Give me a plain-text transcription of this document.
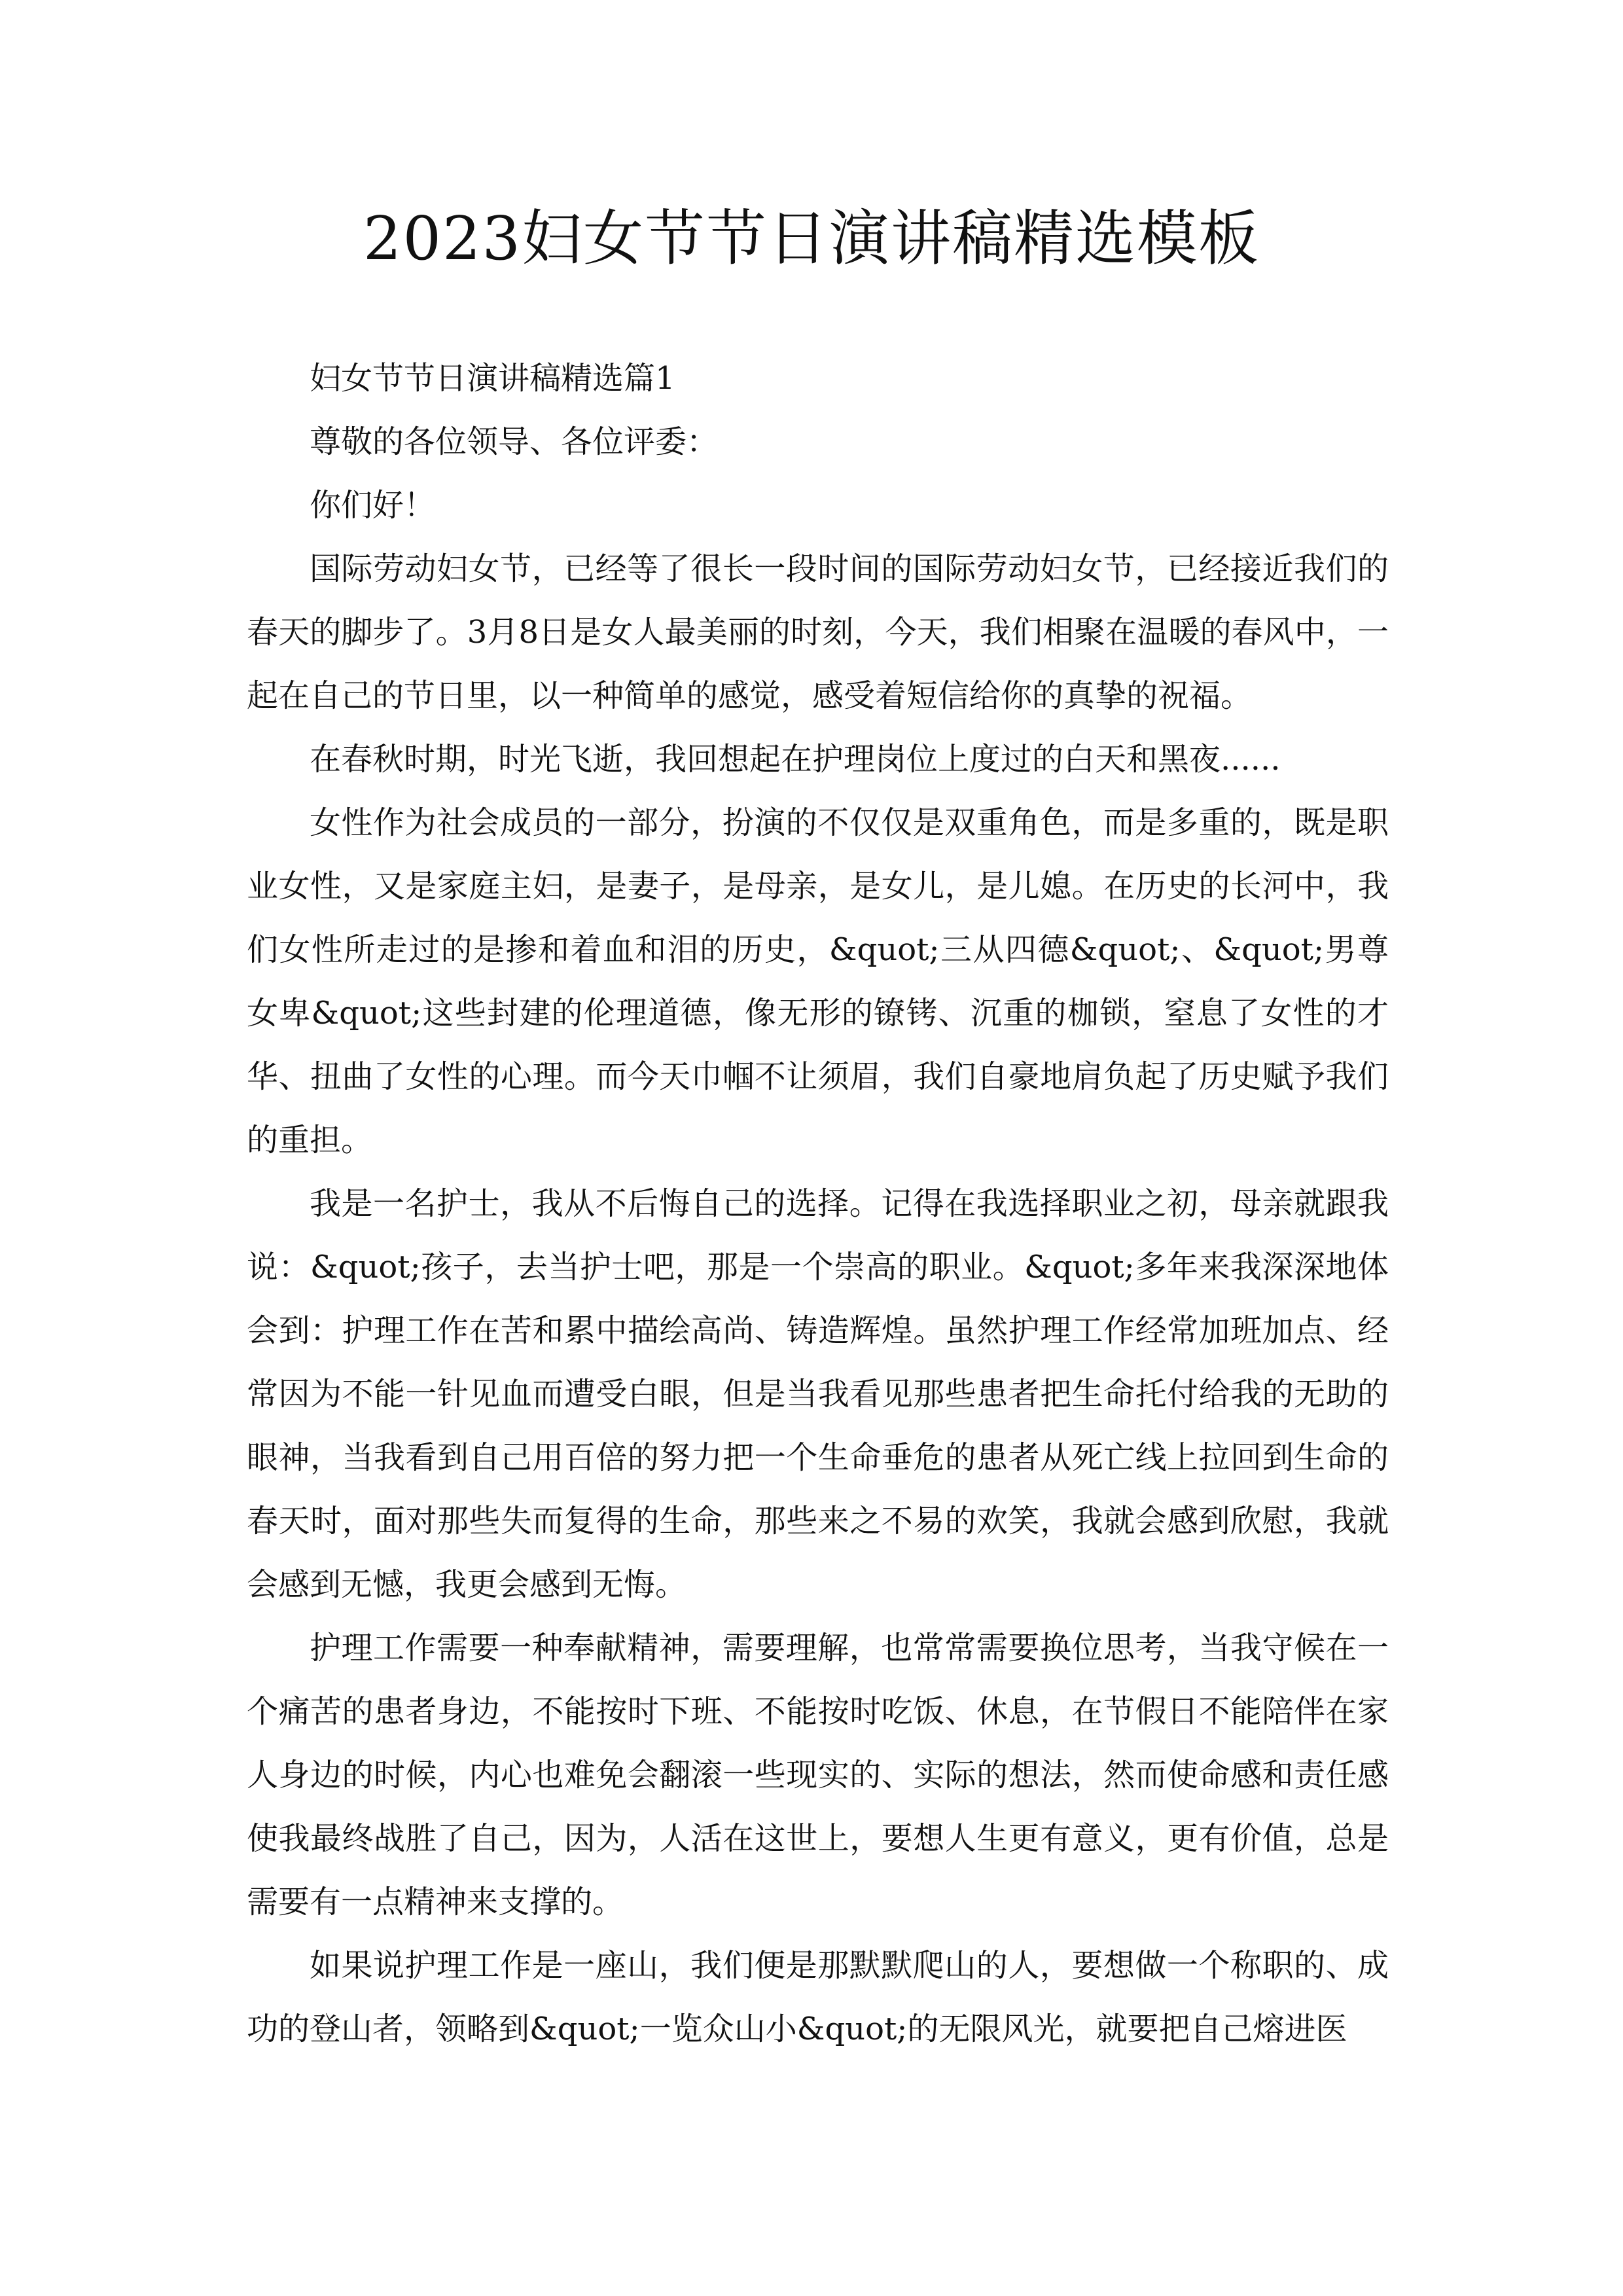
2023妇女节节日演讲稿精选模板

妇女节节日演讲稿精选篇1

尊敬的各位领导、各位评委：

你们好！

国际劳动妇女节，已经等了很长一段时间的国际劳动妇女节，已经接近我们的春天的脚步了。3月8日是女人最美丽的时刻，今天，我们相聚在温暖的春风中，一起在自己的节日里，以一种简单的感觉，感受着短信给你的真挚的祝福。

在春秋时期，时光飞逝，我回想起在护理岗位上度过的白天和黑夜......

女性作为社会成员的一部分，扮演的不仅仅是双重角色，而是多重的，既是职业女性，又是家庭主妇，是妻子，是母亲，是女儿，是儿媳。在历史的长河中，我们女性所走过的是掺和着血和泪的历史，&quot;三从四德&quot;、&quot;男尊女卑&quot;这些封建的伦理道德，像无形的镣铐、沉重的枷锁，窒息了女性的才华、扭曲了女性的心理。而今天巾帼不让须眉，我们自豪地肩负起了历史赋予我们的重担。

我是一名护士，我从不后悔自己的选择。记得在我选择职业之初，母亲就跟我说：&quot;孩子，去当护士吧，那是一个崇高的职业。&quot;多年来我深深地体会到：护理工作在苦和累中描绘高尚、铸造辉煌。虽然护理工作经常加班加点、经常因为不能一针见血而遭受白眼，但是当我看见那些患者把生命托付给我的无助的眼神，当我看到自己用百倍的努力把一个生命垂危的患者从死亡线上拉回到生命的春天时，面对那些失而复得的生命，那些来之不易的欢笑，我就会感到欣慰，我就会感到无憾，我更会感到无悔。

护理工作需要一种奉献精神，需要理解，也常常需要换位思考，当我守候在一个痛苦的患者身边，不能按时下班、不能按时吃饭、休息，在节假日不能陪伴在家人身边的时候，内心也难免会翻滚一些现实的、实际的想法，然而使命感和责任感使我最终战胜了自己，因为，人活在这世上，要想人生更有意义，更有价值，总是需要有一点精神来支撑的。

如果说护理工作是一座山，我们便是那默默爬山的人，要想做一个称职的、成功的登山者，领略到&quot;一览众山小&quot;的无限风光，就要把自己熔进医
